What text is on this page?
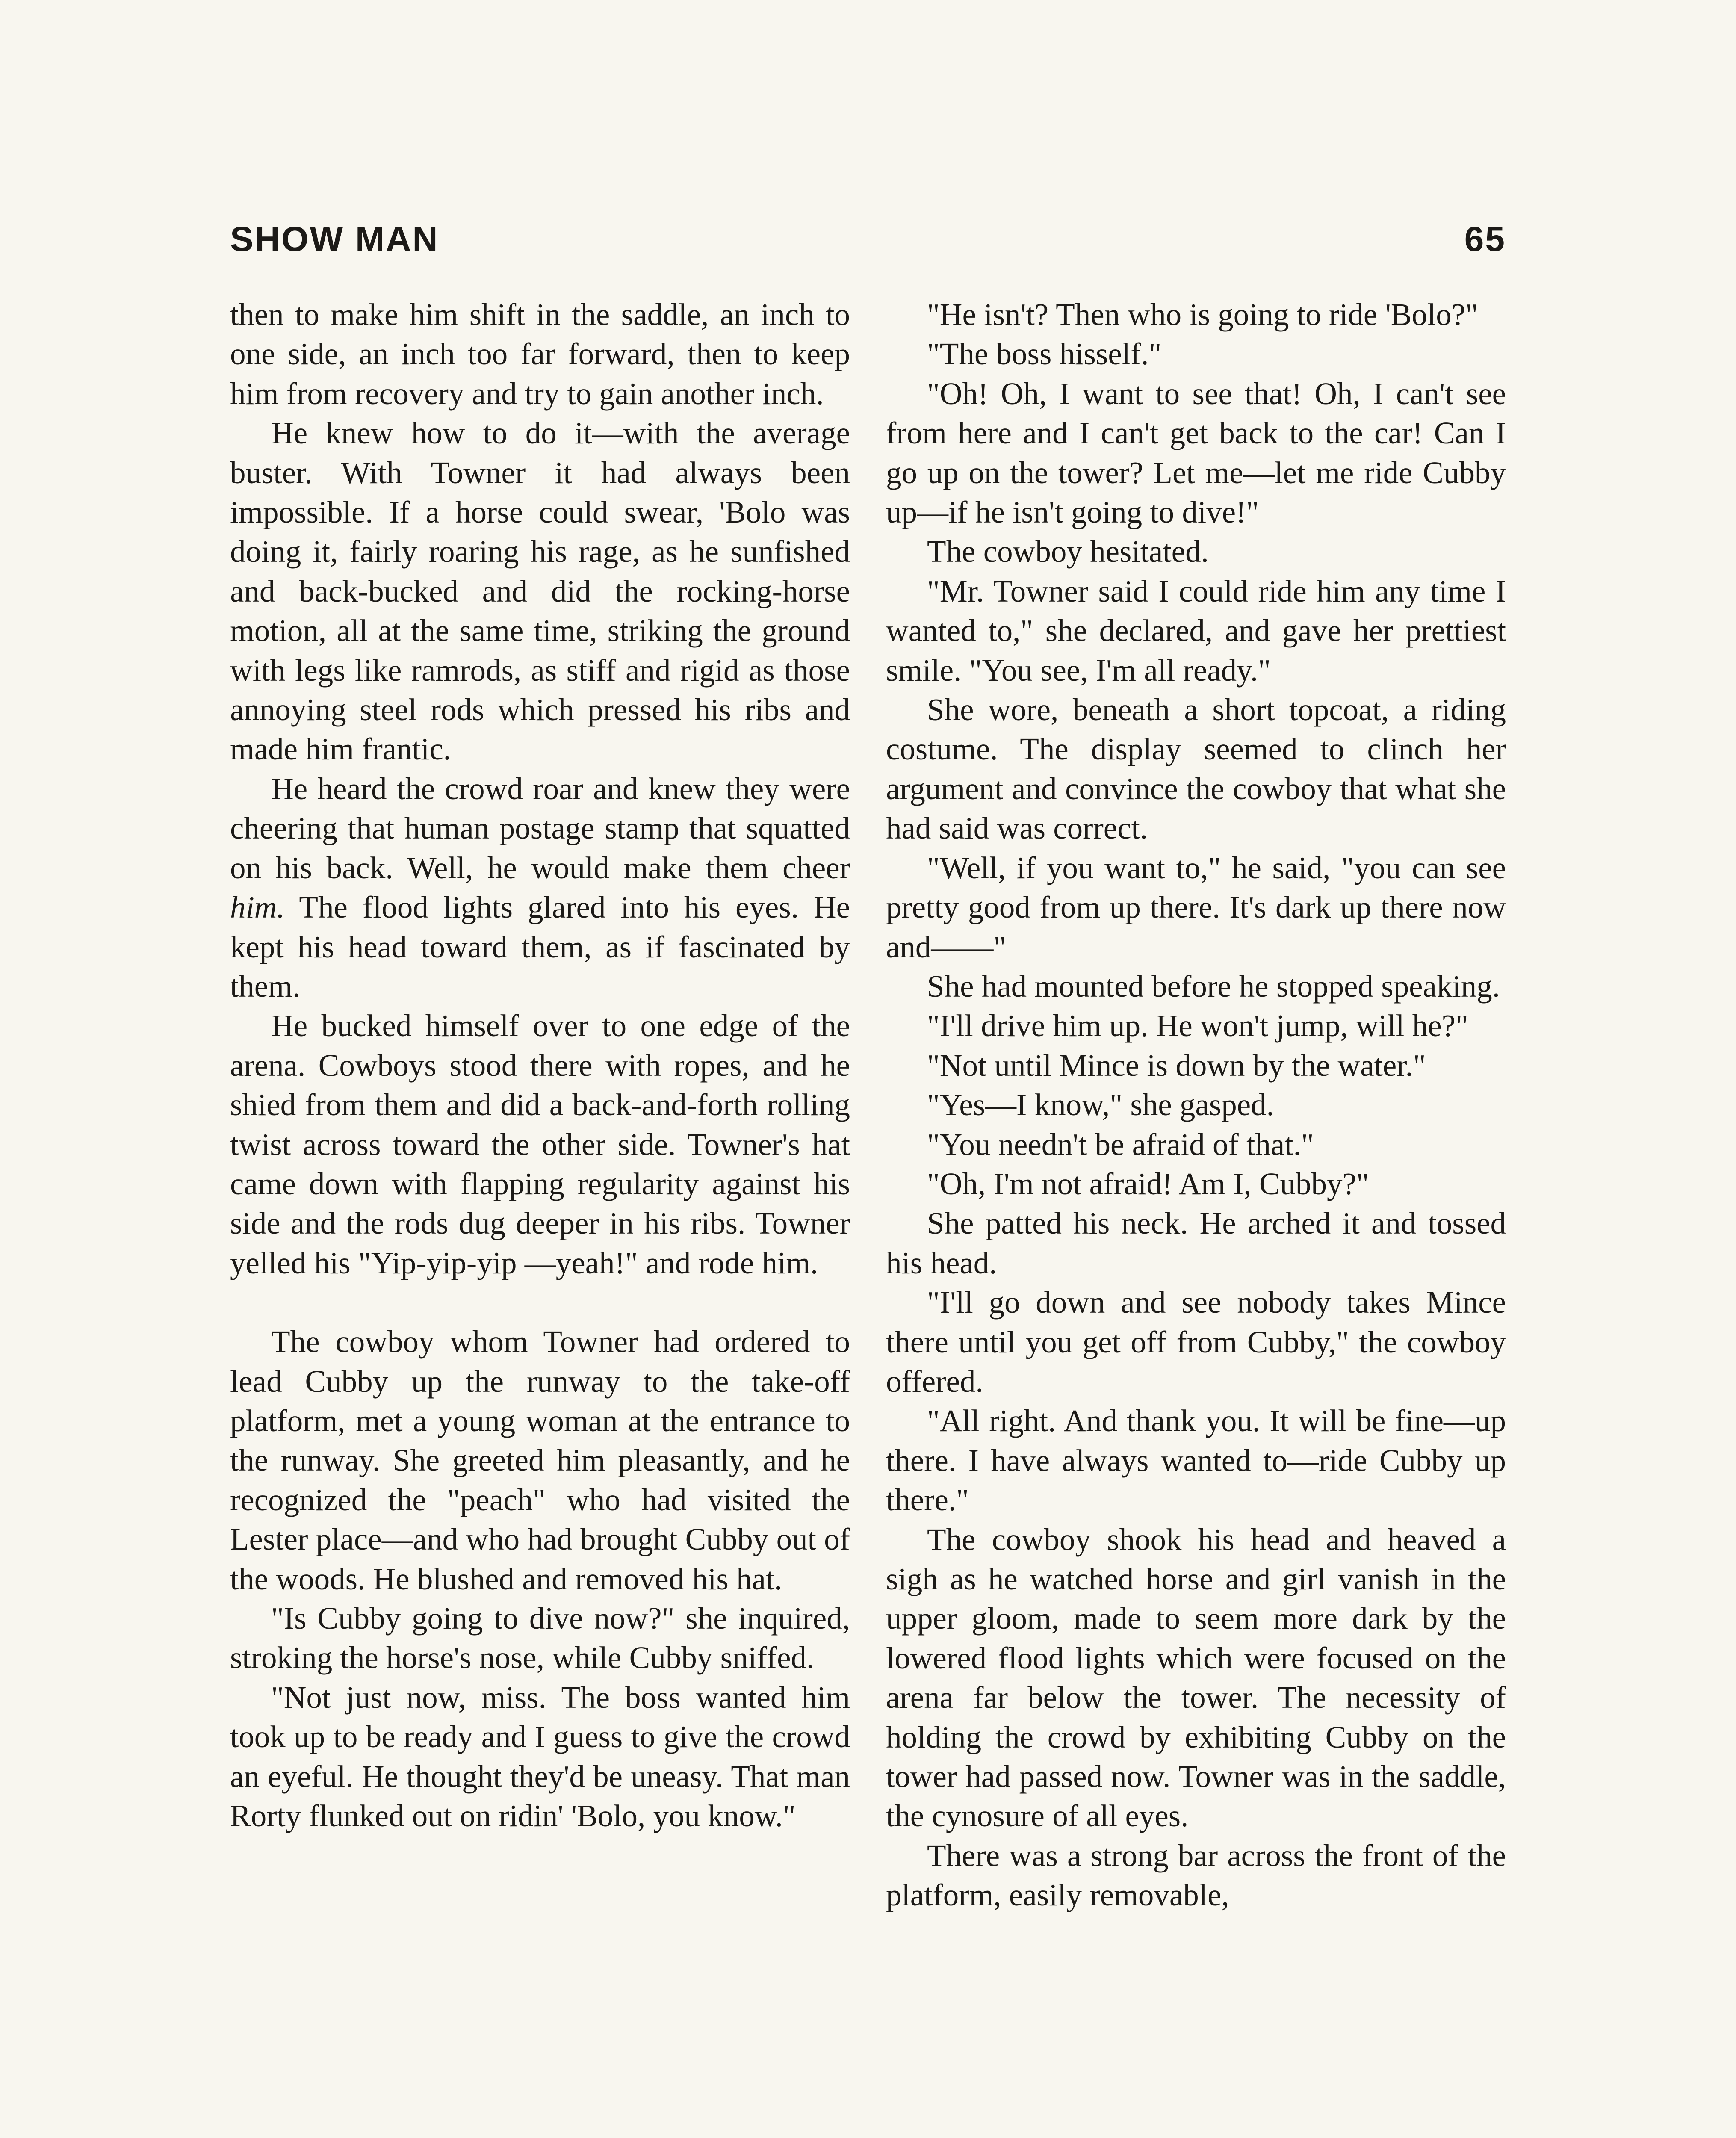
SHOW MAN	65

then to make him shift in the saddle, an inch to one side, an inch too far forward, then to keep him from recovery and try to gain another inch.

He knew how to do it—with the average buster. With Towner it had always been impossible. If a horse could swear, 'Bolo was doing it, fairly roaring his rage, as he sunfished and back-bucked and did the rocking-horse motion, all at the same time, striking the ground with legs like ramrods, as stiff and rigid as those annoying steel rods which pressed his ribs and made him frantic.

He heard the crowd roar and knew they were cheering that human postage stamp that squatted on his back. Well, he would make them cheer him. The flood lights glared into his eyes. He kept his head toward them, as if fascinated by them.

He bucked himself over to one edge of the arena. Cowboys stood there with ropes, and he shied from them and did a back-and-forth rolling twist across toward the other side. Towner's hat came down with flapping regularity against his side and the rods dug deeper in his ribs. Towner yelled his "Yip-yip-yip —yeah!" and rode him.

The cowboy whom Towner had ordered to lead Cubby up the runway to the take-off platform, met a young woman at the entrance to the runway. She greeted him pleasantly, and he recognized the "peach" who had visited the Lester place—and who had brought Cubby out of the woods. He blushed and removed his hat.

"Is Cubby going to dive now?" she inquired, stroking the horse's nose, while Cubby sniffed.

"Not just now, miss. The boss wanted him took up to be ready and I guess to give the crowd an eyeful. He thought they'd be uneasy. That man Rorty flunked out on ridin' 'Bolo, you know."

"He isn't? Then who is going to ride 'Bolo?"

"The boss hisself."

"Oh! Oh, I want to see that! Oh, I can't see from here and I can't get back to the car! Can I go up on the tower? Let me—let me ride Cubby up—if he isn't going to dive!"

The cowboy hesitated.

"Mr. Towner said I could ride him any time I wanted to," she declared, and gave her prettiest smile. "You see, I'm all ready."

She wore, beneath a short topcoat, a riding costume. The display seemed to clinch her argument and convince the cowboy that what she had said was correct.

"Well, if you want to," he said, "you can see pretty good from up there. It's dark up there now and——"

She had mounted before he stopped speaking.

"I'll drive him up. He won't jump, will he?"

"Not until Mince is down by the water."

"Yes—I know," she gasped.

"You needn't be afraid of that."

"Oh, I'm not afraid! Am I, Cubby?"

She patted his neck. He arched it and tossed his head.

"I'll go down and see nobody takes Mince there until you get off from Cubby," the cowboy offered.

"All right. And thank you. It will be fine—up there. I have always wanted to—ride Cubby up there."

The cowboy shook his head and heaved a sigh as he watched horse and girl vanish in the upper gloom, made to seem more dark by the lowered flood lights which were focused on the arena far below the tower. The necessity of holding the crowd by exhibiting Cubby on the tower had passed now. Towner was in the saddle, the cynosure of all eyes.

There was a strong bar across the front of the platform, easily removable,
